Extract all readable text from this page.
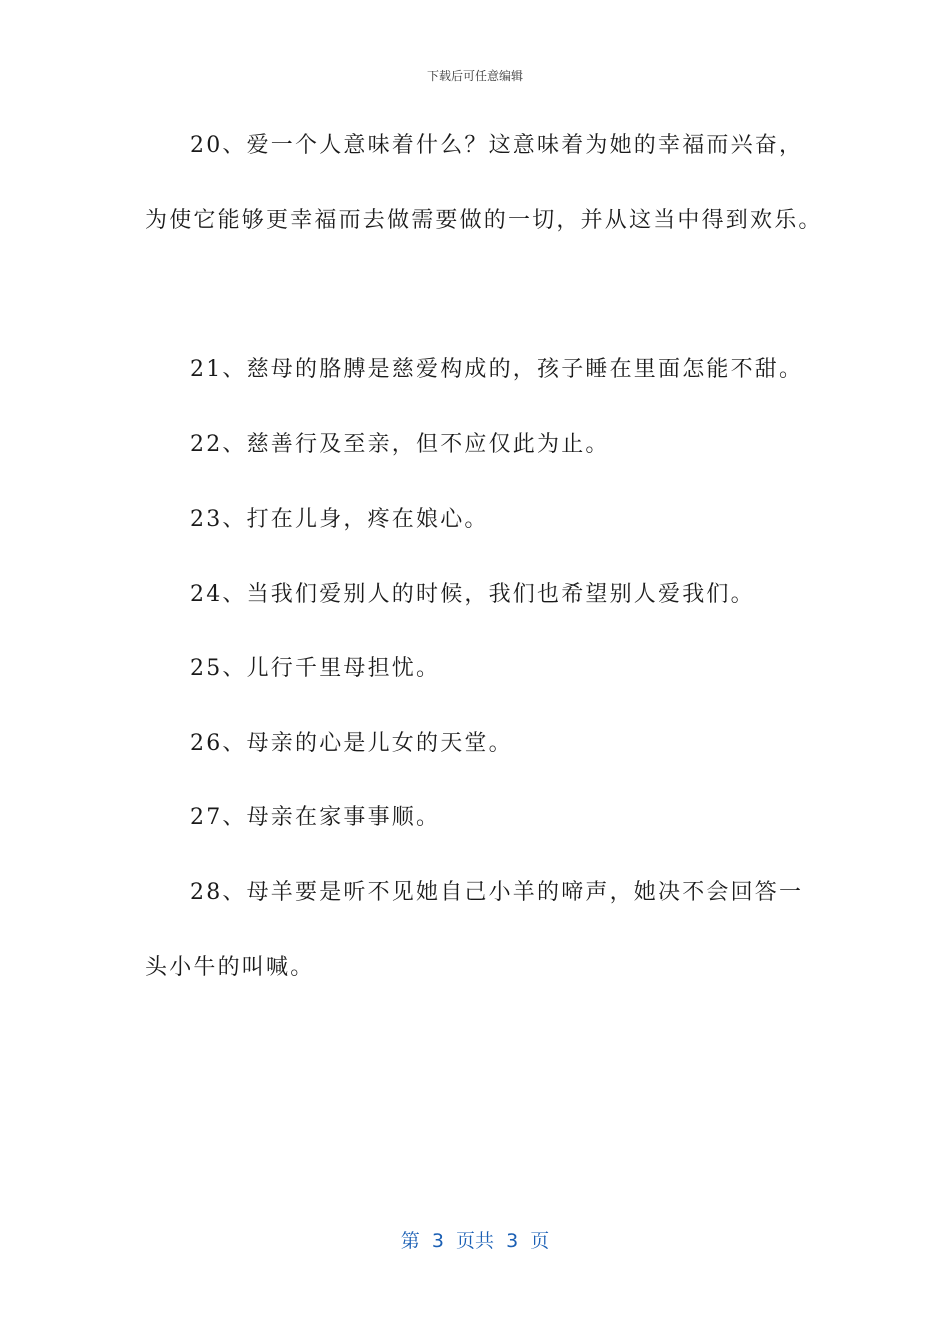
下载后可任意编辑
20、爱一个人意味着什么？这意味着为她的幸福而兴奋，
为使它能够更幸福而去做需要做的一切，并从这当中得到欢乐。
21、慈母的胳膊是慈爱构成的，孩子睡在里面怎能不甜。
22、慈善行及至亲，但不应仅此为止。
23、打在儿身，疼在娘心。
24、当我们爱别人的时候，我们也希望别人爱我们。
25、儿行千里母担忧。
26、母亲的心是儿女的天堂。
27、母亲在家事事顺。
28、母羊要是听不见她自己小羊的啼声，她决不会回答一
头小牛的叫喊。
第  3  页共  3  页
